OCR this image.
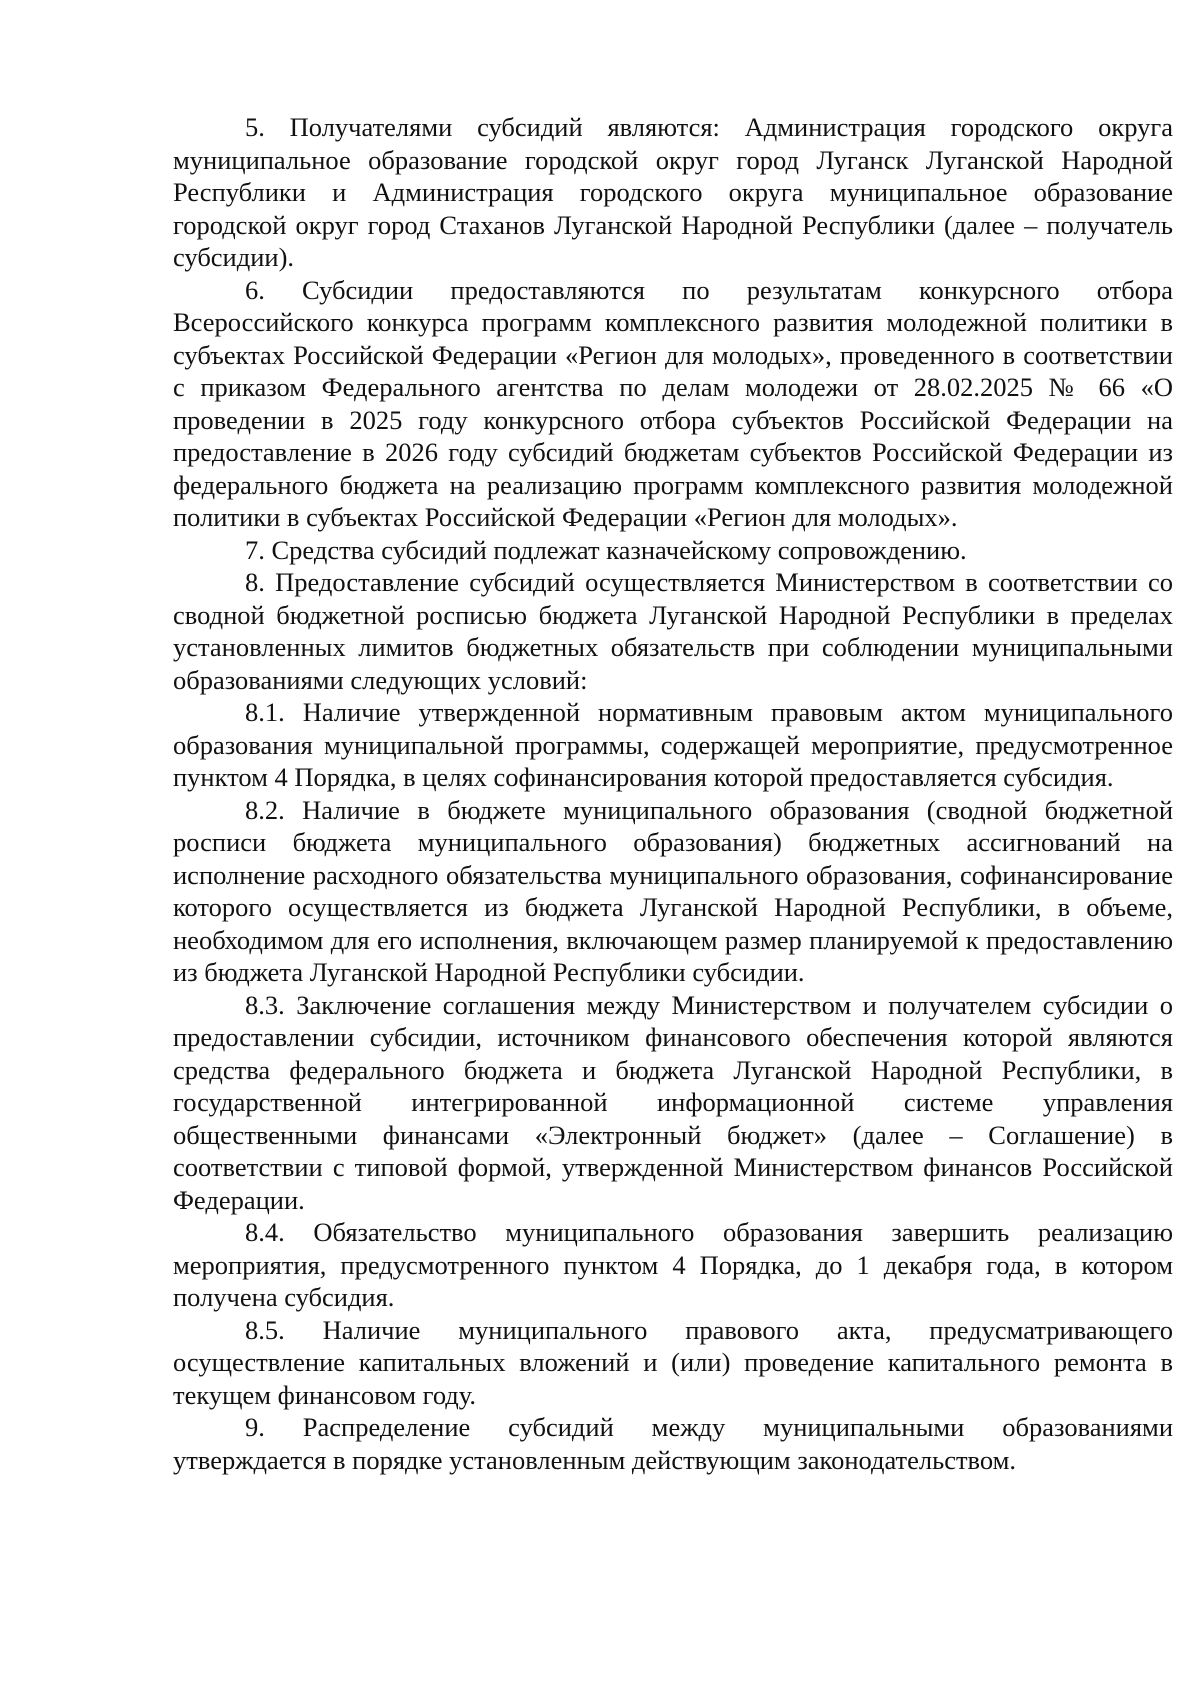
5. Получателями субсидий являются: Администрация городского округа муниципальное образование городской округ город Луганск Луганской Народной Республики и Администрация городского округа муниципальное образование городской округ город Стаханов Луганской Народной Республики (далее – получатель субсидии).

6. Субсидии предоставляются по результатам конкурсного отбора Всероссийского конкурса программ комплексного развития молодежной политики в субъектах Российской Федерации «Регион для молодых», проведенного в соответствии с приказом Федерального агентства по делам молодежи от 28.02.2025 № 66 «О проведении в 2025 году конкурсного отбора субъектов Российской Федерации на предоставление в 2026 году субсидий бюджетам субъектов Российской Федерации из федерального бюджета на реализацию программ комплексного развития молодежной политики в субъектах Российской Федерации «Регион для молодых».

7. Средства субсидий подлежат казначейскому сопровождению.

8. Предоставление субсидий осуществляется Министерством в соответствии со сводной бюджетной росписью бюджета Луганской Народной Республики в пределах установленных лимитов бюджетных обязательств при соблюдении муниципальными образованиями следующих условий:

8.1. Наличие утвержденной нормативным правовым актом муниципального образования муниципальной программы, содержащей мероприятие, предусмотренное пунктом 4 Порядка, в целях софинансирования которой предоставляется субсидия.

8.2. Наличие в бюджете муниципального образования (сводной бюджетной росписи бюджета муниципального образования) бюджетных ассигнований на исполнение расходного обязательства муниципального образования, софинансирование которого осуществляется из бюджета Луганской Народной Республики, в объеме, необходимом для его исполнения, включающем размер планируемой к предоставлению из бюджета Луганской Народной Республики субсидии.

8.3. Заключение соглашения между Министерством и получателем субсидии о предоставлении субсидии, источником финансового обеспечения которой являются средства федерального бюджета и бюджета Луганской Народной Республики, в государственной интегрированной информационной системе управления общественными финансами «Электронный бюджет» (далее – Соглашение) в соответствии с типовой формой, утвержденной Министерством финансов Российской Федерации.

8.4. Обязательство муниципального образования завершить реализацию мероприятия, предусмотренного пунктом 4 Порядка, до 1 декабря года, в котором получена субсидия.

8.5. Наличие муниципального правового акта, предусматривающего осуществление капитальных вложений и (или) проведение капитального ремонта в текущем финансовом году.

9. Распределение субсидий между муниципальными образованиями утверждается в порядке установленным действующим законодательством.
